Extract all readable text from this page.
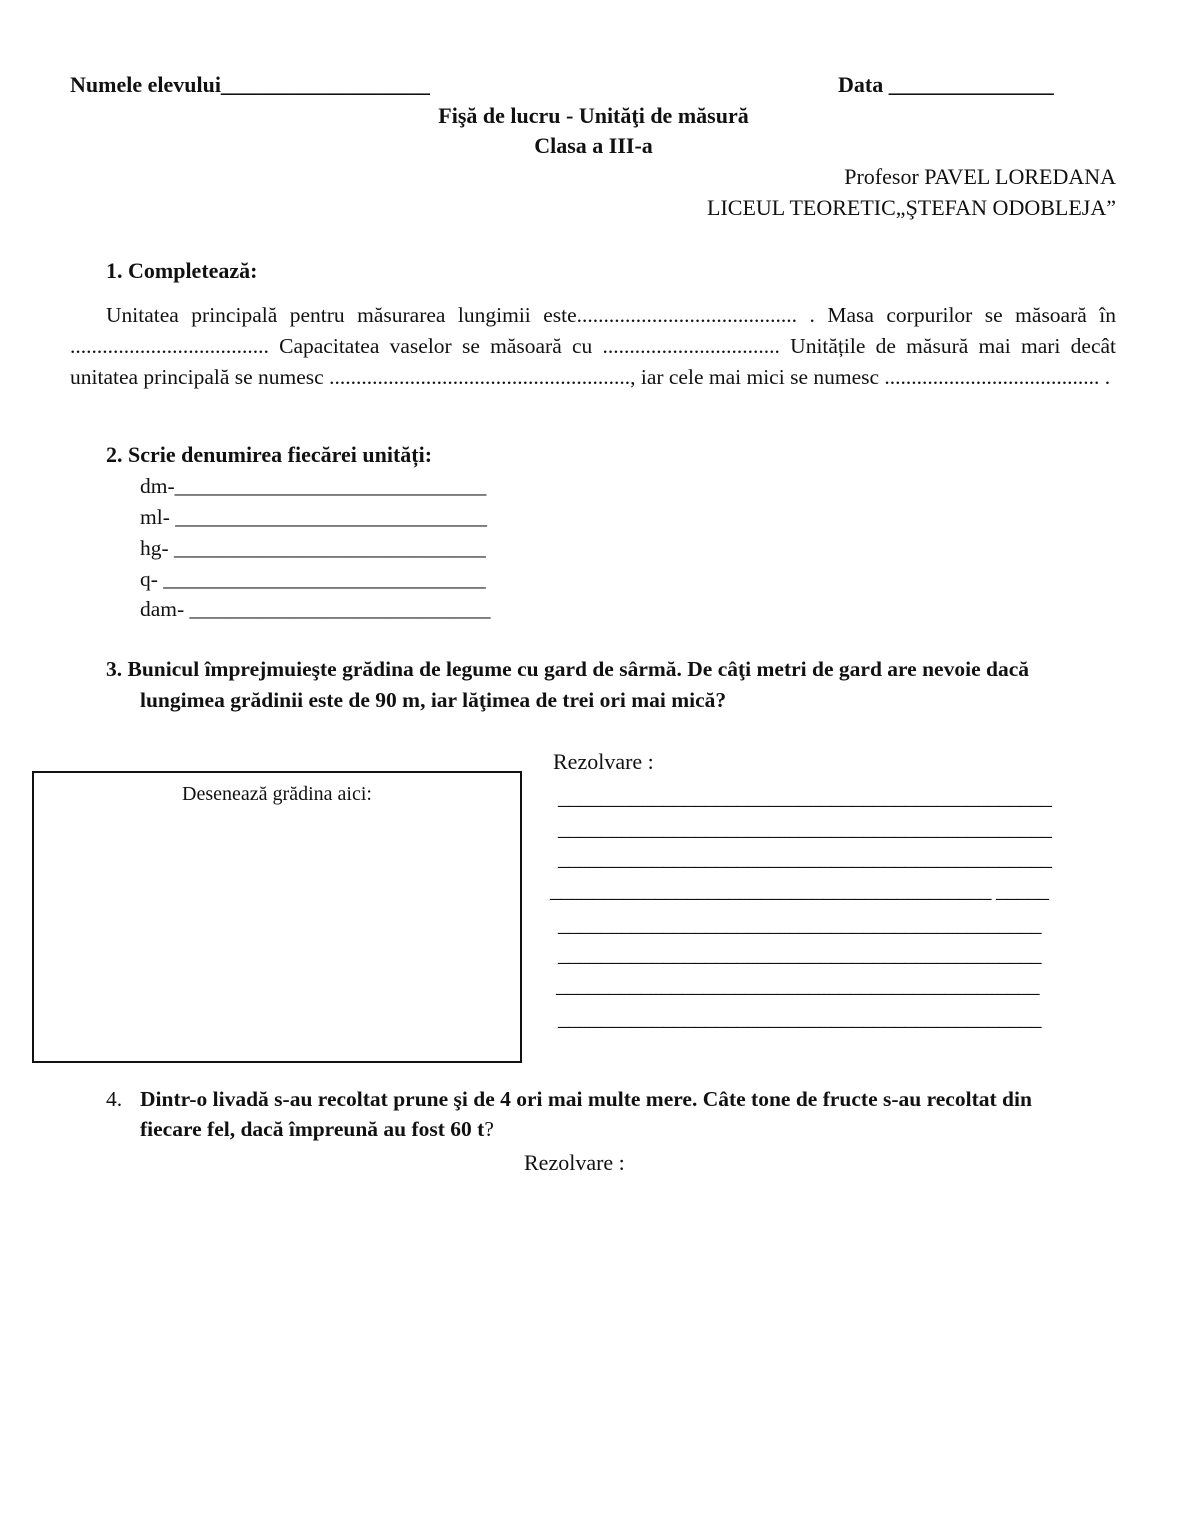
Numele elevului___________________	Data _______________
Fişă de lucru - Unităţi de măsură
Clasa a III-a
Profesor PAVEL LOREDANA
LICEUL TEORETIC„ŞTEFAN ODOBLEJA”
1. Completează:
Unitatea principală pentru măsurarea lungimii este......................................... . Masa corpurilor se măsoară în ..................................... Capacitatea vaselor se măsoară cu ................................. Unitățile de măsură mai mari decât unitatea principală se numesc ........................................................, iar cele mai mici se numesc ........................................ .
2. Scrie denumirea fiecărei unități:
dm-_____________________________
ml- _____________________________
hg- _____________________________
q- ______________________________
dam- ____________________________
3. Bunicul împrejmuieşte grădina de legume cu gard de sârmă. De câţi metri de gard are nevoie dacă
lungimea grădinii este de 90 m, iar lăţimea de trei ori mai mică?
Desenează grădina aici:
Rezolvare :
_______________________________________________
_______________________________________________
_______________________________________________
__________________________________________ _____
______________________________________________
______________________________________________
______________________________________________
______________________________________________
4. Dintr-o livadă s-au recoltat prune şi de 4 ori mai multe mere. Câte tone de fructe s-au recoltat din
fiecare fel, dacă împreună au fost 60 t?
Rezolvare :
